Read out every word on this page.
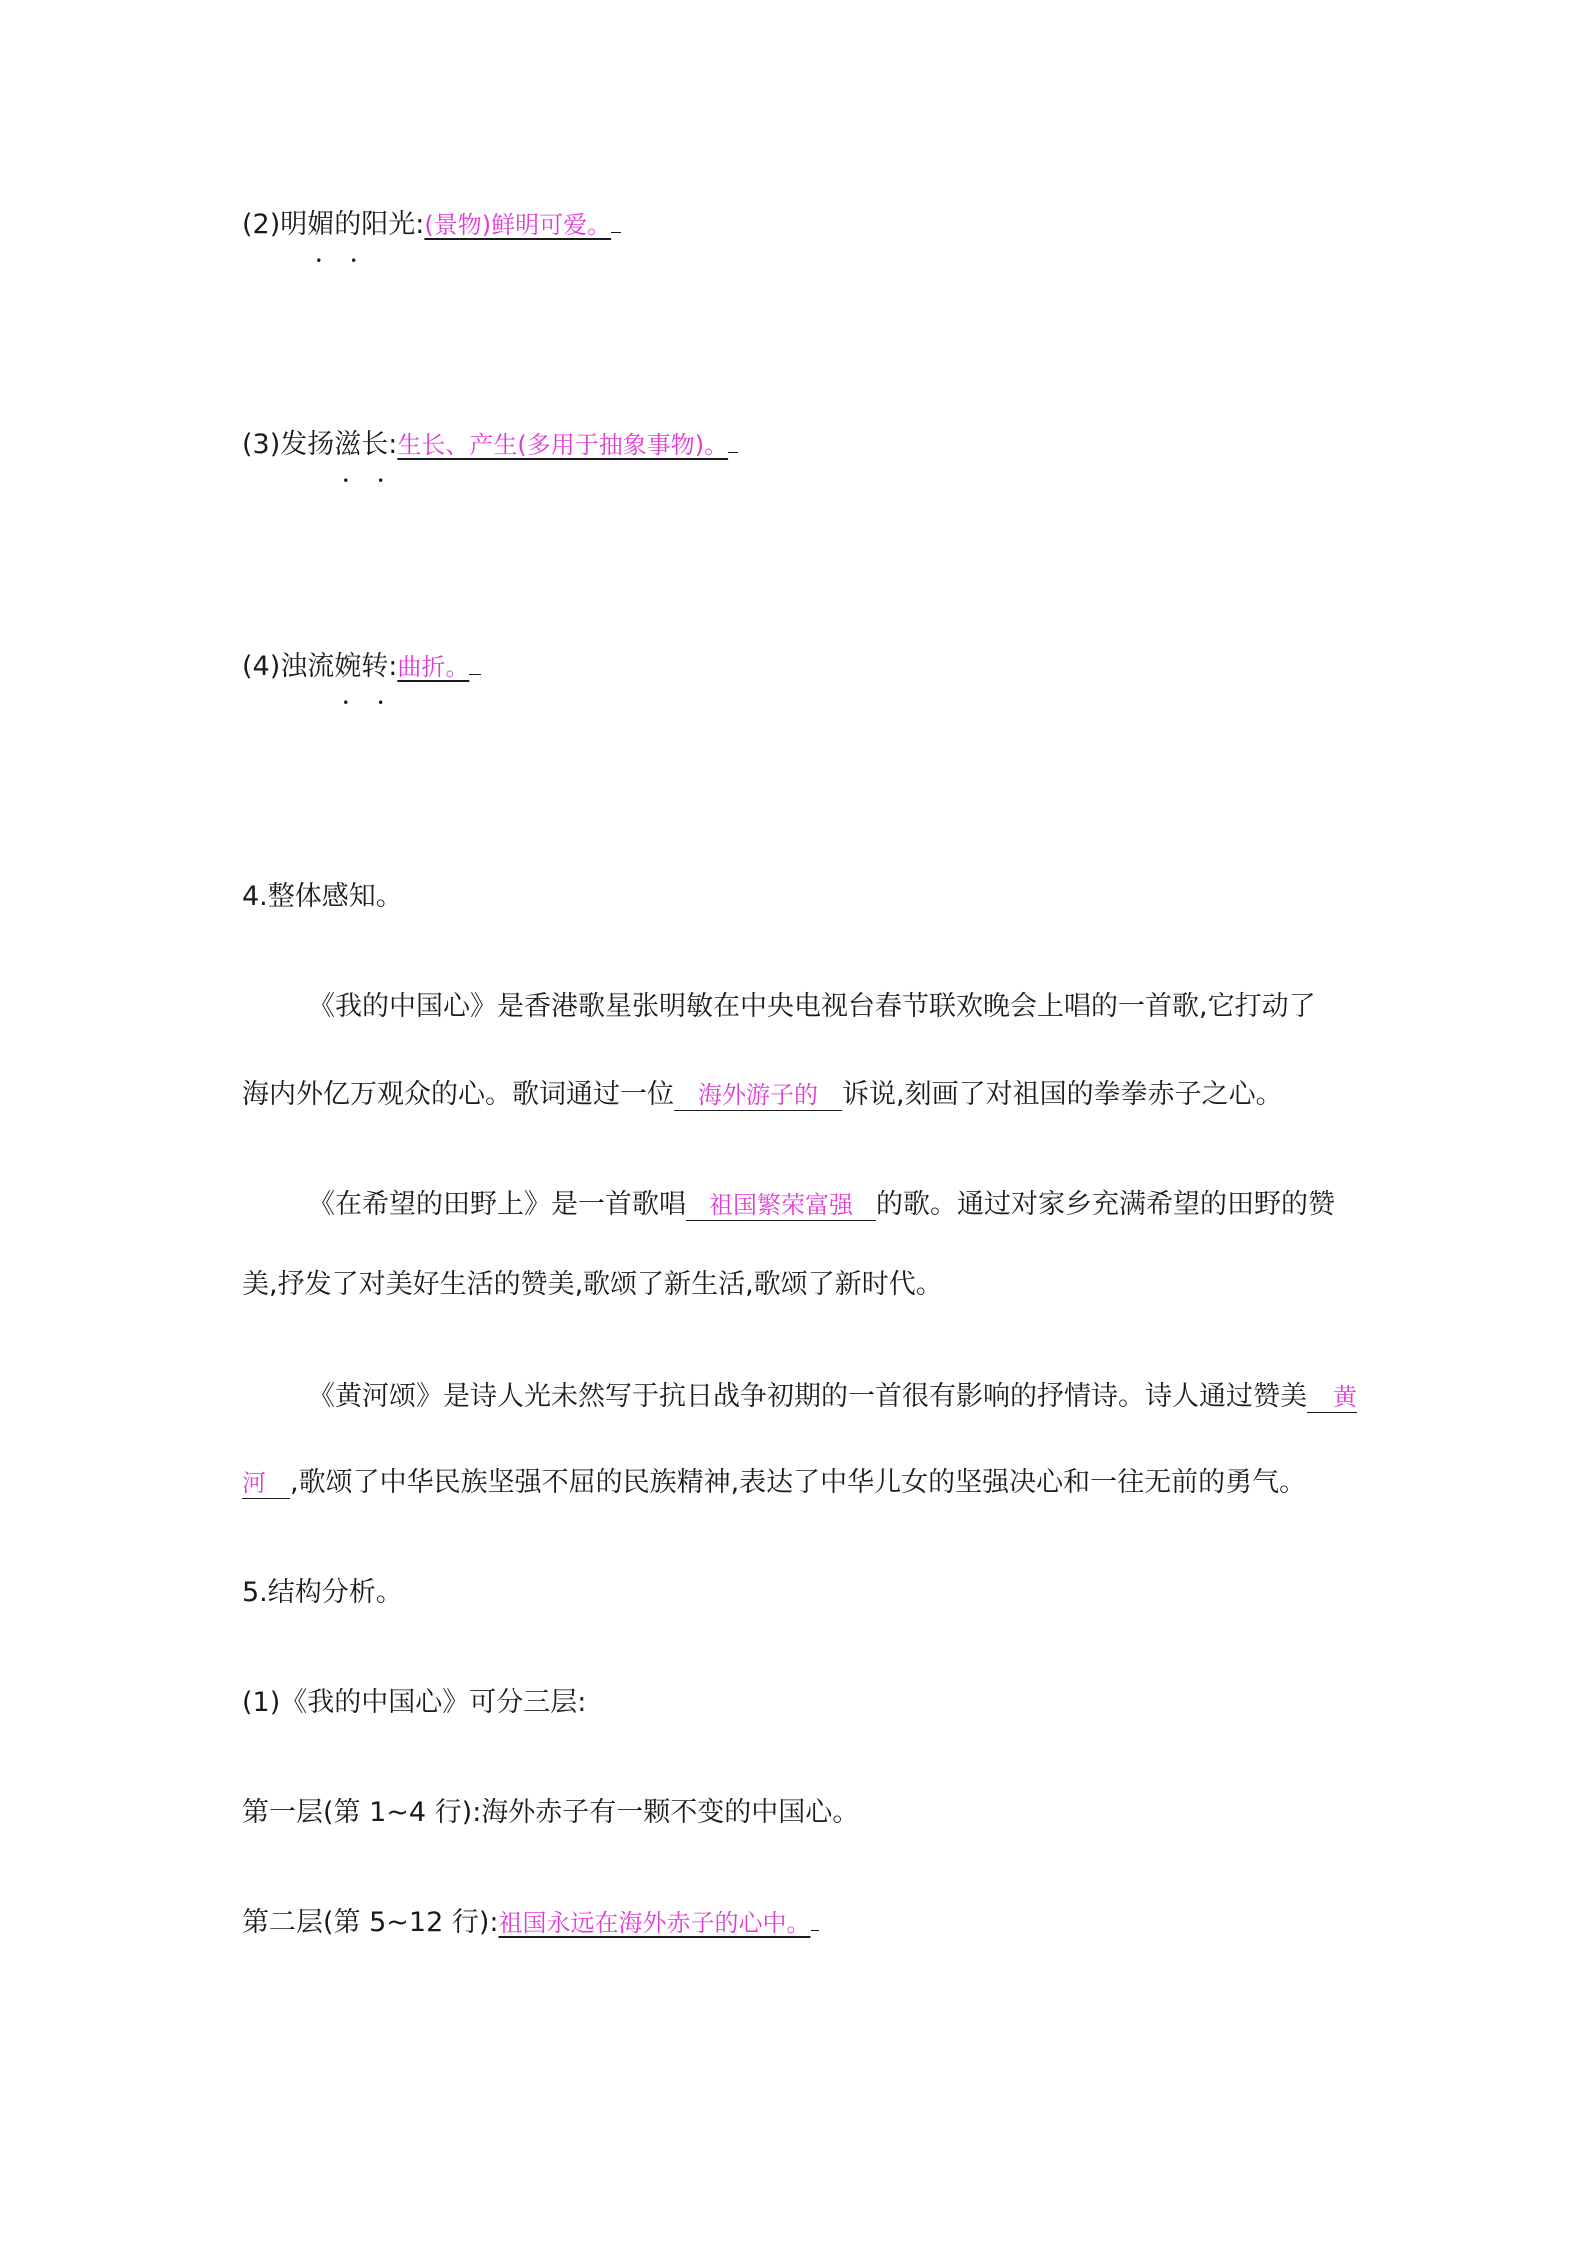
(2)明媚的 • •阳光:(景物)鲜明可爱。
(3)发扬滋长 • •:生长、产生(多用于抽象事物)。
(4)浊流婉转 • •:曲折。
4.整体感知。
《我的中国心》是香港歌星张明敏在中央电视台春节联欢晚会上唱的一首歌,它打动了
海内外亿万观众的心。歌词通过一位 海外游子的 诉说,刻画了对祖国的拳拳赤子之心。
《在希望的田野上》是一首歌唱 祖国繁荣富强 的歌。通过对家乡充满希望的田野的赞
美,抒发了对美好生活的赞美,歌颂了新生活,歌颂了新时代。
《黄河颂》是诗人光未然写于抗日战争初期的一首很有影响的抒情诗。诗人通过赞美 黄
河 ,歌颂了中华民族坚强不屈的民族精神,表达了中华儿女的坚强决心和一往无前的勇气。
5.结构分析。
(1)《我的中国心》可分三层:
第一层(第 1~4 行):海外赤子有一颗不变的中国心。
第二层(第 5~12 行):祖国永远在海外赤子的心中。
